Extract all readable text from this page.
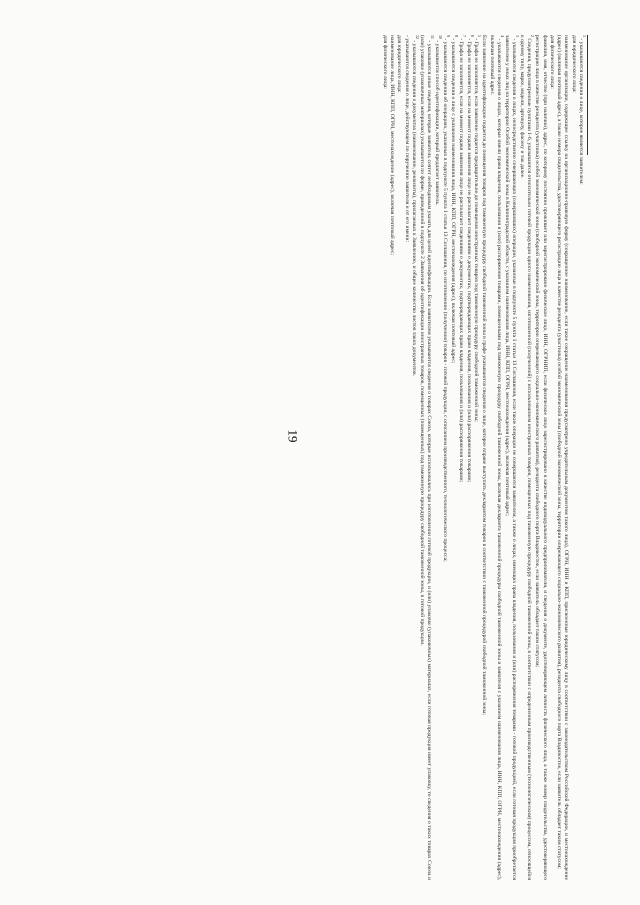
19

$^1$ - указываются сведения о лице, которое является заявителем:

для юридического лица:

наименование организации, содержащее ссылку на организационно-правовую форму (сокращенное наименование, если такое сокращение наименования предусмотрено учредительным документом такого лица), ОГРН, ИНН и КПП, присвоенные юридическому лицу в соответствии с законодательством Российской Федерации, и местонахождение (адрес) (включая почтовый адрес), а также номера свидетельства, удостоверяющего регистрацию лица в качестве резидента (участника) особой экономической зоны (свободной экономической зоны, территории опережающего социально-экономического развития), резидента свободного порта Владивосток, если заявитель обладает таким статусом;

для физического лица:

фамилия, имя, отчество (при наличии), адрес, по которому постоянно проживает или зарегистрировано физическое лицо, ИНН, ОГРНИП, если физическое лицо зарегистрировано в качестве индивидуального предпринимателя, и сведения о документе, удостоверяющем личность физического лица, а также номер свидетельства, удостоверяющего регистрацию лица в качестве резидента (участника) особой экономической зоны (свободной экономической зоны, территории опережающего социально-экономического развития), резидента свободного порта Владивосток, если заявитель обладает таким статусом;

$^2$ Сведения, предусмотренные пунктами 1-6, указываются относительно готовой продукции одного наименования, изготовленной (полученной) с использованием иностранных товаров, помещенных под таможенную процедуру свободной таможенной зоны, в соответствии с определенным производственным (технологическим) процессом, относящейся к одному типу, марке, модели, артикулу, фасону и так далее.

$^3$ - указываются сведения о лицах, непосредственно совершающих (совершивших) операции, указанные в подпункте 5 пункта 1 статьи 13 Соглашения, если такие операции не совершаются заявителем, а также о лицах, имеющих права владения, пользования и (или) распоряжения товарами - готовой продукцией, если готовая продукция приобретается заявителем у иных лиц на территории Особой экономической зоны в Калининградской области, с указанием наименования лица, ИНН, КПП, ОГРН, местонахождения (адрес), включая почтовый адрес;

$^4$ - указываются сведения о лицах, которые имели права владения, пользования и (или) распоряжения товарами, помещенными под таможенную процедуру свободной таможенной зоны, включая декларанта таможенной процедуры свободной таможенной зоны и заявителя с указанием наименования лица, ИНН, КПП, ОГРН, местонахождения (адрес), включая почтовый адрес.

Если заявление на идентификацию подается до помещения товаров под таможенную процедуру свободной таможенной зоны в графе указываются сведения о лице, которое вправе выступить декларантом товаров в соответствии с таможенной процедурой свободной таможенной зоны;

$^5$ - Графа не заполняется, если заявление подается предварительно до помещения иностранных товаров под таможенную процедуру свободной таможенной зоны;

$^6$ - Графа не заполняется, если на момент подачи заявления лицо не располагает сведениями о документах, подтверждающих право владения, пользования и (или) распоряжения товарами;

$^7$ - Графа не заполняется, если на момент подачи заявления лицо не располагает сведениями о документах, подтверждающих право владения, пользования и (или) распоряжения товарами;

$^8$ - указываются сведения о лице с указанием наименования лица, ИНН, КПП, ОГРН, местонахождения (адрес), включая почтовый адрес;

$^9$ - указываются сведения об операциях, указанных в подпункте 5 пункта 1 статьи 13 Соглашения, по изготовлению (получению) товаров - готовой продукции, с описанием производственного, технологического процесса;

$^{10}$ - указывается способ идентификации, который предлагает заявитель.

$^{11}$ - указываются иные сведения, которые заявитель сочтет необходимым указать для целей идентификации. Если заявителем указываются сведения о товарах Союза, которые использовались при изготовлении готовой продукции, и (или) упаковке (упаковочных) материалах, если готовая продукция имеет упаковку, то сведения о таких товарах Союза и (или) упаковке (упаковочных материалах) указываются по форме, приведенной в подпункте 2 Заявления об идентификации иностранных товаров, помещенных (помещенных) под таможенную процедуру свободной таможенной зоны, в готовой продукции.

$^{12}$ - указываются сведения о документах (наименование, реквизиты), прилагаемых к Заявлению, и общее количество листов таких документов.

- указываются сведения о лице, действующем по поручению заявителя и от его имени:

для юридического лица:

наименование лица, ИНН, КПП, ОГРН, местонахождение (адрес), включая почтовый адрес;

для физического лица:
